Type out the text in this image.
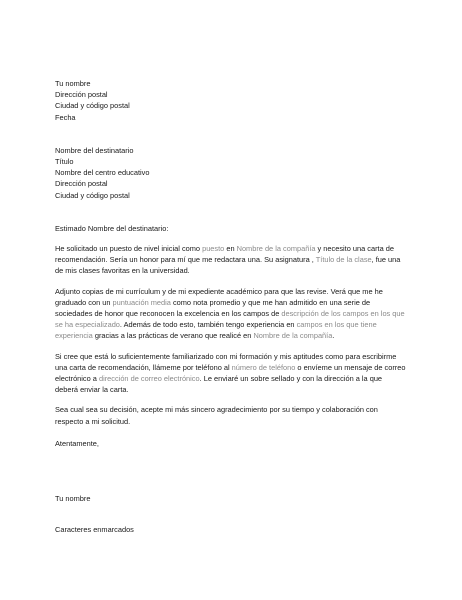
Tu nombre
Dirección postal
Ciudad y código postal
Fecha
Nombre del destinatario
Título
Nombre del centro educativo
Dirección postal
Ciudad y código postal

Estimado Nombre del destinatario:

He solicitado un puesto de nivel inicial como puesto en Nombre de la compañía y necesito una carta de recomendación. Sería un honor para mí que me redactara una. Su asignatura , Título de la clase, fue una de mis clases favoritas en la universidad.

Adjunto copias de mi currículum y de mi expediente académico para que las revise. Verá que me he graduado con un puntuación media como nota promedio y que me han admitido en una serie de sociedades de honor que reconocen la excelencia en los campos de descripción de los campos en los que se ha especializado. Además de todo esto, también tengo experiencia en campos en los que tiene experiencia gracias a las prácticas de verano que realicé en Nombre de la compañía.

Si cree que está lo suficientemente familiarizado con mi formación y mis aptitudes como para escribirme una carta de recomendación, llámeme por teléfono al número de teléfono o envíeme un mensaje de correo electrónico a dirección de correo electrónico. Le enviaré un sobre sellado y con la dirección a la que deberá enviar la carta.

Sea cual sea su decisión, acepte mi más sincero agradecimiento por su tiempo y colaboración con respecto a mi solicitud.

Atentamente,

Tu nombre

Caracteres enmarcados
